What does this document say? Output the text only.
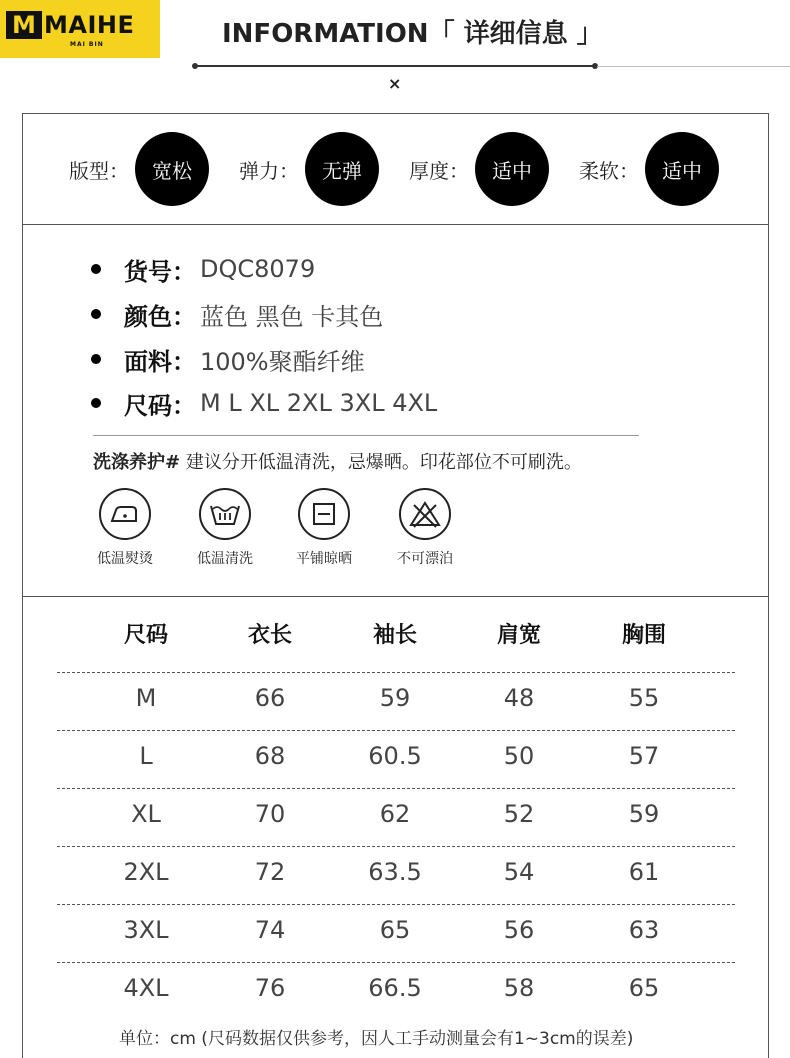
M MAIHE
MAI BIN	INFORMATION「 详细信息 」
×
版型：	宽松	弹力：	无弹	厚度：	适中	柔软：	适中
货号： DQC8079
颜色： 蓝色 黑色 卡其色
面料： 100%聚酯纤维
尺码： M L XL 2XL 3XL 4XL
洗涤养护# 建议分开低温清洗，忌爆晒。印花部位不可刷洗。
低温熨烫	低温清洗	平铺晾晒	不可漂泊
尺码	衣长	袖长	肩宽	胸围
M	66	59	48	55
L	68	60.5	50	57
XL	70	62	52	59
2XL	72	63.5	54	61
3XL	74	65	56	63
4XL	76	66.5	58	65
单位：cm (尺码数据仅供参考，因人工手动测量会有1~3cm的误差)
